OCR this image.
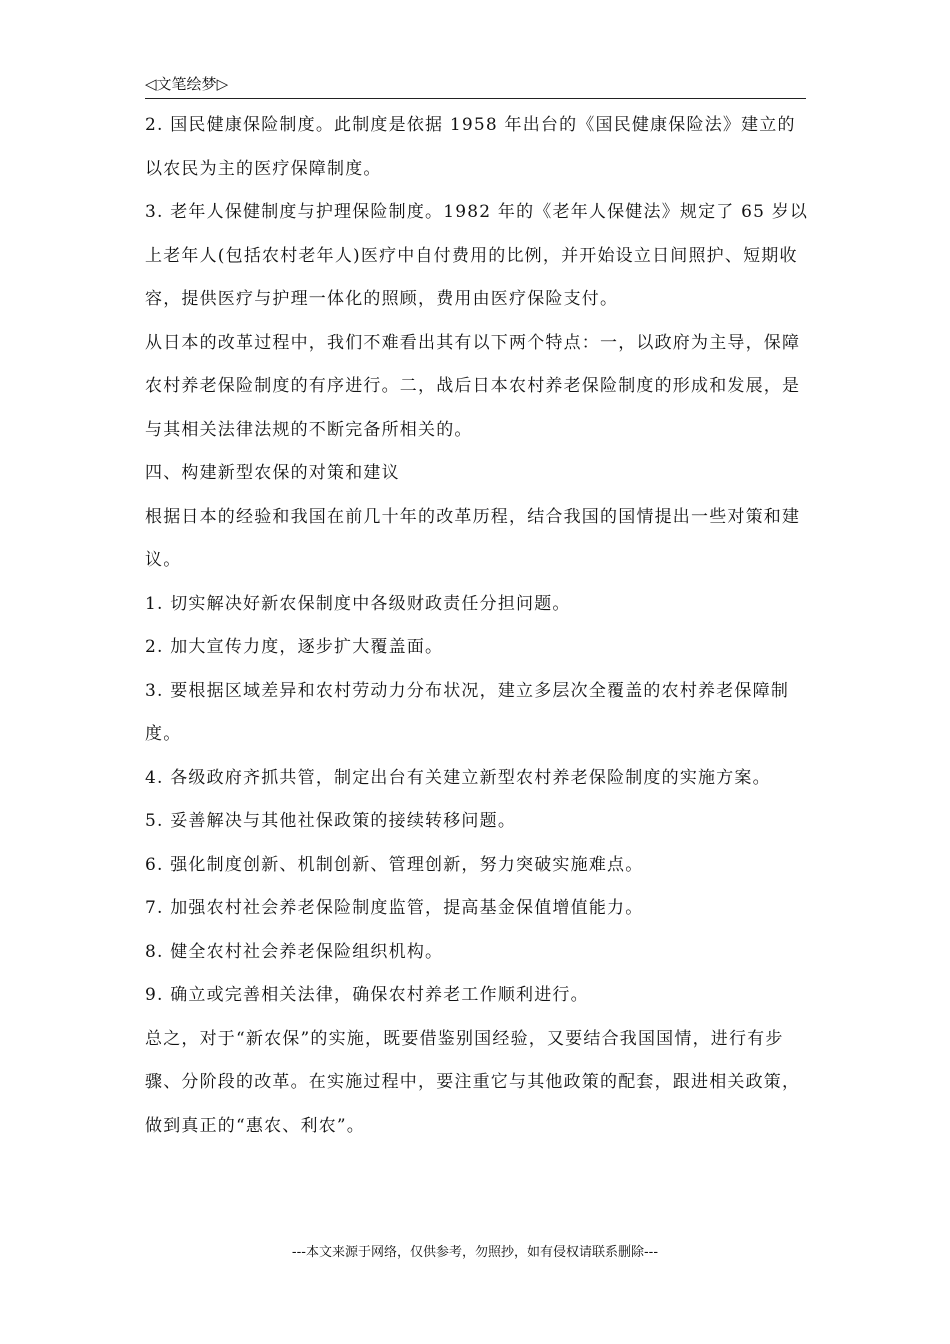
◁文笔绘梦▷

2. 国民健康保险制度。此制度是依据 1958 年出台的《国民健康保险法》建立的以农民为主的医疗保障制度。

3. 老年人保健制度与护理保险制度。1982 年的《老年人保健法》规定了 65 岁以上老年人(包括农村老年人)医疗中自付费用的比例，并开始设立日间照护、短期收容，提供医疗与护理一体化的照顾，费用由医疗保险支付。

从日本的改革过程中，我们不难看出其有以下两个特点：一，以政府为主导，保障农村养老保险制度的有序进行。二，战后日本农村养老保险制度的形成和发展，是与其相关法律法规的不断完备所相关的。

四、构建新型农保的对策和建议

根据日本的经验和我国在前几十年的改革历程，结合我国的国情提出一些对策和建议。

1. 切实解决好新农保制度中各级财政责任分担问题。

2. 加大宣传力度，逐步扩大覆盖面。

3. 要根据区域差异和农村劳动力分布状况，建立多层次全覆盖的农村养老保障制度。

4. 各级政府齐抓共管，制定出台有关建立新型农村养老保险制度的实施方案。

5. 妥善解决与其他社保政策的接续转移问题。

6. 强化制度创新、机制创新、管理创新，努力突破实施难点。

7. 加强农村社会养老保险制度监管，提高基金保值增值能力。

8. 健全农村社会养老保险组织机构。

9. 确立或完善相关法律，确保农村养老工作顺利进行。

总之，对于“新农保”的实施，既要借鉴别国经验，又要结合我国国情，进行有步骤、分阶段的改革。在实施过程中，要注重它与其他政策的配套，跟进相关政策，做到真正的“惠农、利农”。

---本文来源于网络，仅供参考，勿照抄，如有侵权请联系删除---
